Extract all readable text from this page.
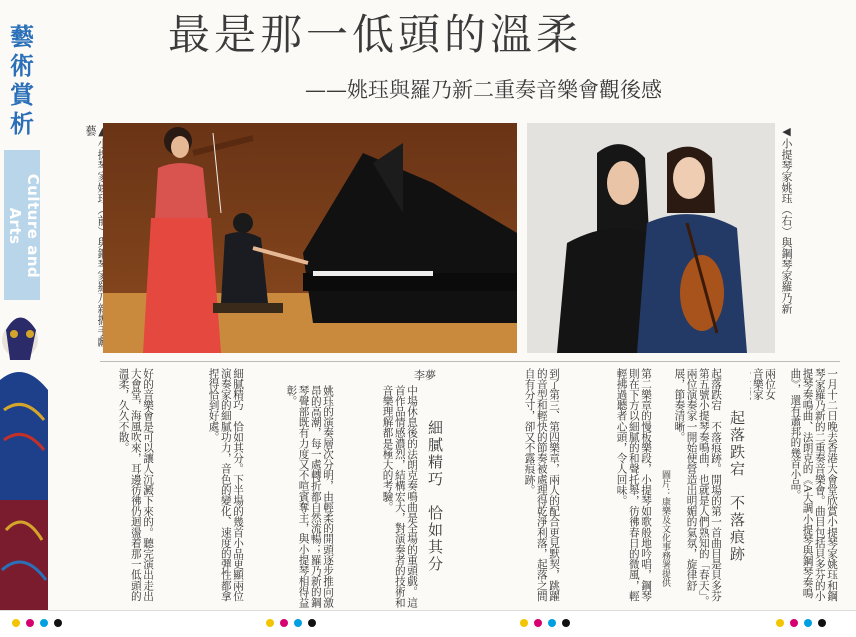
藝術賞析
Culture and Arts
最是那一低頭的溫柔
——姚珏與羅乃新二重奏音樂會觀後感
藝	◀小提琴家姚珏（右）與鋼琴家羅乃新
李夢
起落跌宕　不落痕跡
細膩精巧　恰如其分	一月十二日晚去香港大會堂欣賞小提琴家姚珏和鋼琴家羅乃新的二重奏音樂會。曲目包括貝多芬的小提琴奏鳴曲、法朗克的《A大調小提琴與鋼琴奏鳴曲》，還有蕭邦的幾首小品。
兩位女音樂家
起落跌宕　不落痕跡。開場的第一首曲目是貝多芬第五號小提琴奏鳴曲，也就是人們熟知的「春天」。兩位演奏家一開始便營造出明媚的氣氛，旋律舒展，節奏清晰。
第二樂章的慢板樂段，小提琴如歌般地吟唱，鋼琴則在下方以細膩的和聲托舉，彷彿春日的微風，輕輕拂過聽者心頭，令人回味。
到了第三、第四樂章，兩人的配合更見默契，跳躍的音型和輕快的節奏被處理得乾淨利落，起落之間自有分寸，卻又不露痕跡。
中場休息後的法朗克奏鳴曲是全場的重頭戲。這首作品情感濃烈，結構宏大，對演奏者的技術和音樂理解都是極大的考驗。
姚珏的演奏層次分明，由輕柔的開頭逐步推向激昂的高潮，每一處轉折都自然流暢；羅乃新的鋼琴聲部既有力度又不喧賓奪主，與小提琴相得益彰。
細膩精巧　恰如其分。下半場的幾首小品更顯兩位演奏家的細膩功力，音色的變化、速度的彈性都拿捏得恰到好處。
好的音樂會是可以讓人沉澱下來的。聽完演出走出大會堂，海風吹來，耳邊彷彿仍迴盪着那一低頭的溫柔，久久不散。
圖片：康樂及文化事務署提供
